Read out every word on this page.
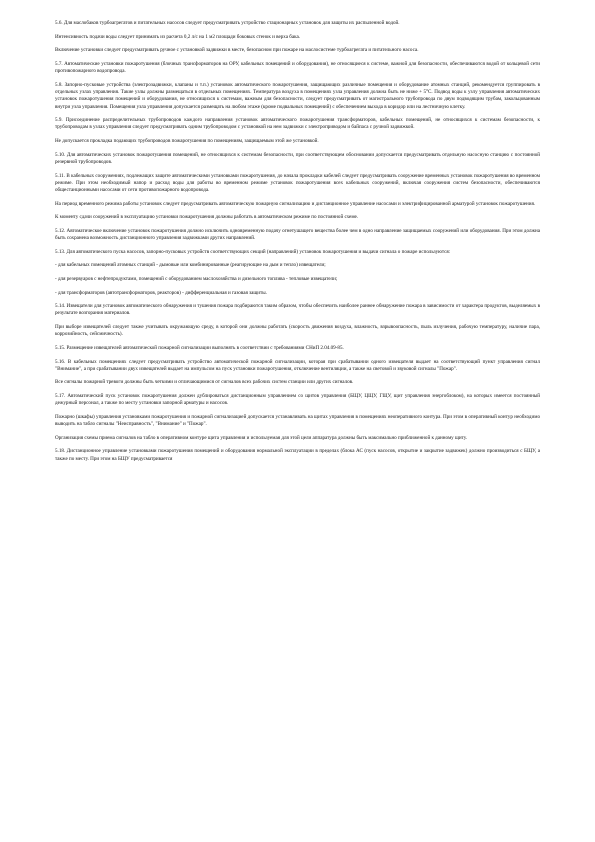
5.6. Для маслобаков турбоагрегатов и питательных насосов следует предусматривать устройство стационарных установок для защиты их распыленной водой.

Интенсивность подачи воды следует принимать из расчета 0,2 л/с на 1 м2 площади боковых стенок и верха бака.

Включение установки следует предусматривать ручное с установкой задвижки в месте, безопасном при пожаре на маслосистеме турбоагрегата и питательного насоса.

5.7. Автоматические установки пожаротушения (блочных трансформаторов на ОРУ, кабельных помещений и оборудования), не относящиеся к системе, важной для безопасности, обеспечиваются водой от кольцевой сети противопожарного водопровода.

5.8. Запорно-пусковые устройства (электрозадвижки, клапаны и т.п.) установок автоматического пожаротушения, защищающих различные помещения и оборудование атомных станций, рекомендуется группировать в отдельных узлах управления. Такие узлы должны размещаться в отдельных помещениях. Температура воздуха в помещениях узла управления должна быть не ниже + 5°С. Подвод воды к узлу управления автоматических установок пожаротушения помещений и оборудования, не относящихся к системам, важным для безопасности, следует предусматривать от магистрального трубопровода по двум подводящим трубам, закольцованным внутри узла управления. Помещения узла управления допускается размещать на любом этаже (кроме подвальных помещений) с обеспечением выхода в коридор или на лестничную клетку.

5.9. Присоединение распределительных трубопроводов каждого направления установок автоматического пожаротушения трансформаторов, кабельных помещений, не относящихся к системам безопасности, к трубопроводам в узлах управления следует предусматривать одним трубопроводом с установкой на нем задвижки с электроприводом и байпаса с ручной задвижкой.

Не допускается прокладка подающих трубопроводов пожаротушения по помещениям, защищаемым этой же установкой.

5.10. Для автоматических установок пожаротушения помещений, не относящихся к системам безопасности, при соответствующем обосновании допускается предусматривать отдельную насосную станцию с постоянной резервной трубопроводов.

5.11. В кабельных сооружениях, подлежащих защите автоматическими установками пожаротушения, до начала прокладки кабелей следует предусматривать сооружение временных установок пожаротушения во временном режиме. При этом необходимый напор и расход воды для работы во временном режиме установок пожаротушения всех кабельных сооружений, включая сооружения систем безопасности, обеспечиваются общестанционными насосами от сети противопожарного водопровода.

На период временного режима работы установок следует предусматривать автоматическую пожарную сигнализацию и дистанционное управление насосами и электрифицированной арматурой установок пожаротушения.

К моменту сдачи сооружений в эксплуатацию установки пожаротушения должны работать в автоматическом режиме по постоянной схеме.

5.12. Автоматическое включение установок пожаротушения должно исключить одновременную подачу огнетушащего вещества более чем в одно направление защищаемых сооружений или оборудования. При этом должна быть сохранена возможность дистанционного управления задвижками других направлений.

5.13. Для автоматического пуска насосов, запорно-пусковых устройств соответствующих секций (направлений) установок пожаротушения и выдачи сигнала о пожаре используются:

- для кабельных помещений атомных станций - дымовые или комбинированные (реагирующие на дым и тепло) извещатели;

- для резервуаров с нефтепродуктами, помещений с оборудованием маслохозяйства и дизельного топлива - тепловые извещатели;

- для трансформаторов (автотрансформаторов, реакторов) - дифференциальная и газовая защиты.

5.14. Извещатели для установок автоматического обнаружения и тушения пожара подбираются таким образом, чтобы обеспечить наиболее раннее обнаружение пожара в зависимости от характера продуктов, выделяемых в результате возгорания материалов.

При выборе извещателей следует также учитывать окружающую среду, в которой они должны работать (скорость движения воздуха, влажность, взрывоопасность, пыль излучения, рабочую температуру, наличие пара, коррозийность, сейсмичность).

5.15. Размещение извещателей автоматической пожарной сигнализации выполнять в соответствии с требованиями СНиП 2.04.09-85.

5.16. В кабельных помещениях следует предусматривать устройство автоматической пожарной сигнализации, которая при срабатывании одного извещателя выдает на соответствующий пункт управления сигнал "Внимание", а при срабатывании двух извещателей выдает на импульсом на пуск установки пожаротушения, отключение вентиляции, а также на световой и звуковой сигналы "Пожар".

Все сигналы пожарной тревоги должны быть четкими и отличающимися от сигналов всех рабочих систем станции или других сигналов.

5.17. Автоматический пуск установок пожаротушения должен дублироваться дистанционным управлением со щитов управления (БЩУ, ЦЩУ, ГЩУ, щит управления энергоблоком), на которых имеется постоянный дежурный персонал, а также по месту установки запорной арматуры и насосов.

Пожарно (шкафы) управления установками пожаротушения и пожарной сигнализацией допускается устанавливать на щитах управления в помещениях неоперативного контура. При этом в оперативный контур необходимо выводить на табло сигналы "Неисправность", "Внимание" и "Пожар".

Организация схемы приема сигналов на табло в оперативном контуре щита управления и используемая для этой цели аппаратура должны быть максимально приближенной к данному щиту.

5.18. Дистанционное управление установками пожаротушения помещений и оборудования нормальной эксплуатации в пределах (блока АС (пуск насосов, открытие и закрытие задвижек) должно производиться с БЩУ, а также по месту. При этом на БЩУ предусматривается
